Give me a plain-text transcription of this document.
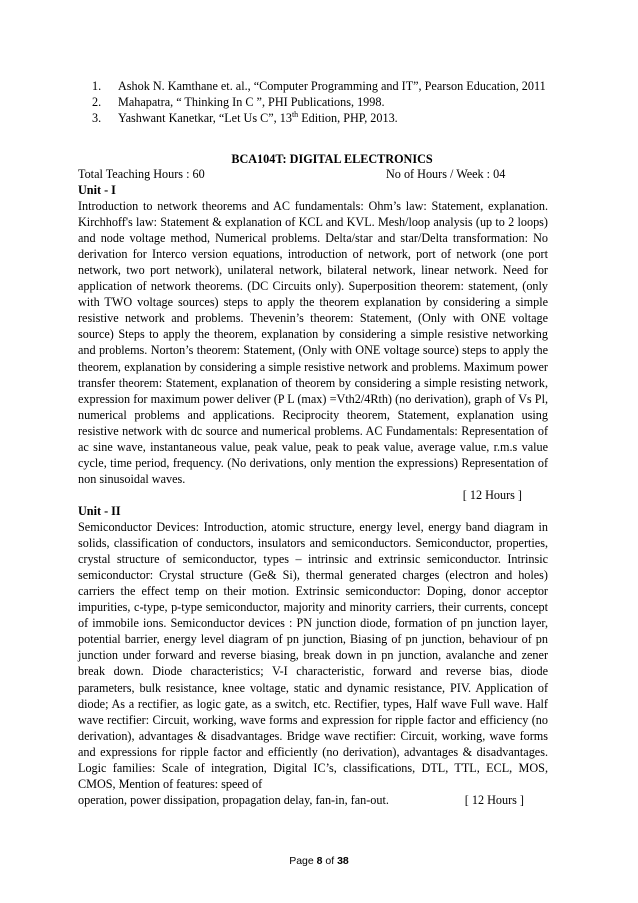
1. Ashok N. Kamthane et. al., “Computer Programming and IT”, Pearson Education, 2011
2. Mahapatra, “ Thinking In C ”, PHI Publications, 1998.
3. Yashwant Kanetkar, “Let Us C”, 13th Edition, PHP, 2013.
BCA104T: DIGITAL ELECTRONICS
Total Teaching Hours : 60	No of Hours / Week : 04
Unit - I

Introduction to network theorems and AC fundamentals: Ohm’s law: Statement, explanation. Kirchhoff's law: Statement & explanation of KCL and KVL. Mesh/loop analysis (up to 2 loops) and node voltage method, Numerical problems. Delta/star and star/Delta transformation: No derivation for Interco version equations, introduction of network, port of network (one port network, two port network), unilateral network, bilateral network, linear network. Need for application of network theorems. (DC Circuits only). Superposition theorem: statement, (only with TWO voltage sources) steps to apply the theorem explanation by considering a simple resistive network and problems. Thevenin’s theorem: Statement, (Only with ONE voltage source) Steps to apply the theorem, explanation by considering a simple resistive networking and problems. Norton’s theorem: Statement, (Only with ONE voltage source) steps to apply the theorem, explanation by considering a simple resistive network and problems. Maximum power transfer theorem: Statement, explanation of theorem by considering a simple resisting network, expression for maximum power deliver (P L (max) =Vth2/4Rth) (no derivation), graph of Vs Pl, numerical problems and applications. Reciprocity theorem, Statement, explanation using resistive network with dc source and numerical problems. AC Fundamentals: Representation of ac sine wave, instantaneous value, peak value, peak to peak value, average value, r.m.s value cycle, time period, frequency. (No derivations, only mention the expressions) Representation of non sinusoidal waves.

[ 12 Hours ]
Unit - II

Semiconductor Devices: Introduction, atomic structure, energy level, energy band diagram in solids, classification of conductors, insulators and semiconductors. Semiconductor, properties, crystal structure of semiconductor, types – intrinsic and extrinsic semiconductor. Intrinsic semiconductor: Crystal structure (Ge& Si), thermal generated charges (electron and holes) carriers the effect temp on their motion. Extrinsic semiconductor: Doping, donor acceptor impurities, c-type, p-type semiconductor, majority and minority carriers, their currents, concept of immobile ions. Semiconductor devices : PN junction diode, formation of pn junction layer, potential barrier, energy level diagram of pn junction, Biasing of pn junction, behaviour of pn junction under forward and reverse biasing, break down in pn junction, avalanche and zener break down. Diode characteristics; V-I characteristic, forward and reverse bias, diode parameters, bulk resistance, knee voltage, static and dynamic resistance, PIV. Application of diode; As a rectifier, as logic gate, as a switch, etc. Rectifier, types, Half wave Full wave. Half wave rectifier: Circuit, working, wave forms and expression for ripple factor and efficiency (no derivation), advantages & disadvantages. Bridge wave rectifier: Circuit, working, wave forms and expressions for ripple factor and efficiently (no derivation), advantages & disadvantages. Logic families: Scale of integration, Digital IC’s, classifications, DTL, TTL, ECL, MOS, CMOS, Mention of features: speed of

operation, power dissipation, propagation delay, fan-in, fan-out.	[ 12 Hours ]
Page 8 of 38
